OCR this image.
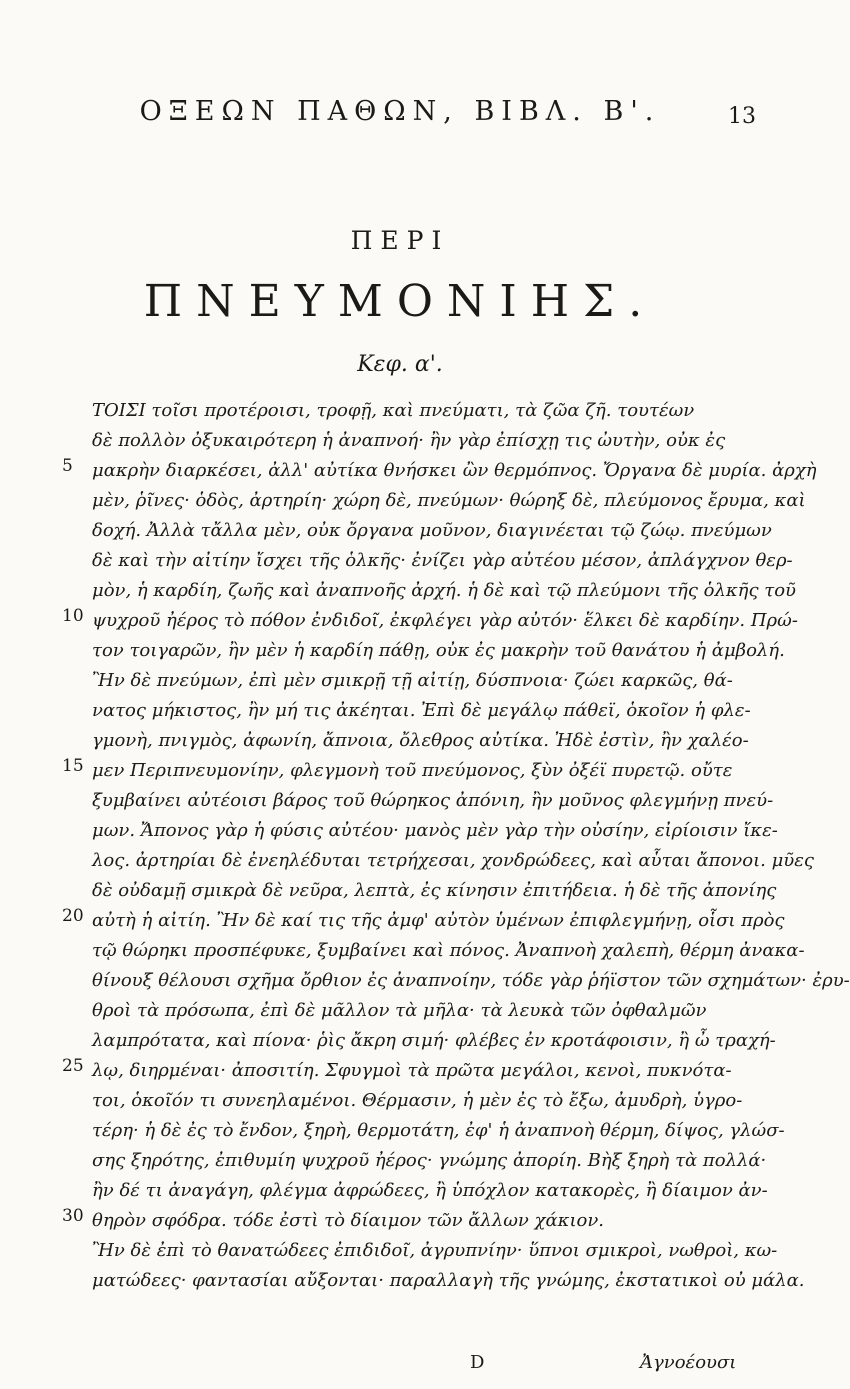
ΟΞΕΩΝ ΠΑΘΩΝ, ΒΙΒΛ. Β'.	13
ΠΕΡΙ
ΠΝΕΥΜΟΝΙΗΣ.
Κεφ. α'.
ΤΟΙΣΙ τοῖσι προτέροισι, τροφῇ, καὶ πνεύματι, τὰ ζῶα ζῆ. τουτέων
δὲ πολλὸν ὀξυκαιρότερη ἡ ἀναπνοή· ἢν γὰρ ἐπίσχῃ τις ὠυτὴν, οὐκ ἐς
μακρὴν διαρκέσει, ἀλλ' αὐτίκα θνήσκει ὢν θερμόπνος. Ὄργανα δὲ μυρία. ἀρχὴ
μὲν, ῥῖνες· ὁδὸς, ἀρτηρίη· χώρη δὲ, πνεύμων· θώρηξ δὲ, πλεύμονος ἔρυμα, καὶ
δοχή. Ἀλλὰ τἄλλα μὲν, οὐκ ὄργανα μοῦνον, διαγινέεται τῷ ζώῳ. πνεύμων
δὲ καὶ τὴν αἰτίην ἴσχει τῆς ὁλκῆς· ἐνίζει γὰρ αὐτέου μέσον, ἀπλάγχνον θερ-
μὸν, ἡ καρδίη, ζωῆς καὶ ἀναπνοῆς ἀρχή. ἡ δὲ καὶ τῷ πλεύμονι τῆς ὁλκῆς τοῦ
ψυχροῦ ἠέρος τὸ πόθον ἐνδιδοῖ, ἐκφλέγει γὰρ αὐτόν· ἕλκει δὲ καρδίην. Πρώ-
τον τοιγαρῶν, ἢν μὲν ἡ καρδίη πάθῃ, οὐκ ἐς μακρὴν τοῦ θανάτου ἡ ἀμβολή.
Ἢν δὲ πνεύμων, ἐπὶ μὲν σμικρῇ τῇ αἰτίῃ, δύσπνοια· ζώει καρκῶς, θά-
νατος μήκιστος, ἢν μή τις ἀκέηται. Ἐπὶ δὲ μεγάλῳ πάθεϊ, ὁκοῖον ἡ φλε-
γμονὴ, πνιγμὸς, ἀφωνίη, ἄπνοια, ὄλεθρος αὐτίκα. Ἠδὲ ἐστὶν, ἢν χαλέο-
μεν Περιπνευμονίην, φλεγμονὴ τοῦ πνεύμονος, ξὺν ὀξέϊ πυρετῷ. οὔτε
ξυμβαίνει αὐτέοισι βάρος τοῦ θώρηκος ἀπόνιη, ἢν μοῦνος φλεγμήνῃ πνεύ-
μων. Ἄπονος γὰρ ἡ φύσις αὐτέου· μανὸς μὲν γὰρ τὴν οὐσίην, εἰρίοισιν ἴκε-
λος. ἀρτηρίαι δὲ ἐνεηλέδυται τετρήχεσαι, χονδρώδεες, καὶ αὗται ἄπονοι. μῦες
δὲ οὐδαμῇ σμικρὰ δὲ νεῦρα, λεπτὰ, ἐς κίνησιν ἐπιτήδεια. ἡ δὲ τῆς ἀπονίης
αὐτὴ ἡ αἰτίη. Ἢν δὲ καί τις τῆς ἀμφ' αὐτὸν ὑμένων ἐπιφλεγμήνῃ, οἷσι πρὸς
τῷ θώρηκι προσπέφυκε, ξυμβαίνει καὶ πόνος. Ἀναπνοὴ χαλεπὴ, θέρμη ἀνακα-
θίνουξ θέλουσι σχῆμα ὄρθιον ἐς ἀναπνοίην, τόδε γὰρ ῥήϊστον τῶν σχημάτων· ἐρυ-
θροὶ τὰ πρόσωπα, ἐπὶ δὲ μᾶλλον τὰ μῆλα· τὰ λευκὰ τῶν ὀφθαλμῶν
λαμπρότατα, καὶ πίονα· ῥὶς ἄκρη σιμή· φλέβες ἐν κροτάφοισιν, ἢ ὦ τραχή-
λῳ, διηρμέναι· ἀποσιτίη. Σφυγμοὶ τὰ πρῶτα μεγάλοι, κενοὶ, πυκνότα-
τοι, ὁκοῖόν τι συνεηλαμένοι. Θέρμασιν, ἡ μὲν ἐς τὸ ἔξω, ἀμυδρὴ, ὑγρο-
τέρη· ἡ δὲ ἐς τὸ ἔνδον, ξηρὴ, θερμοτάτη, ἐφ' ἡ ἀναπνοὴ θέρμη, δίψος, γλώσ-
σης ξηρότης, ἐπιθυμίη ψυχροῦ ἠέρος· γνώμης ἀπορίη. Βὴξ ξηρὴ τὰ πολλά·
ἢν δέ τι ἀναγάγη, φλέγμα ἀφρώδεες, ἢ ὑπόχλον κατακορὲς, ἢ δίαιμον ἀν-
θηρὸν σφόδρα. τόδε ἐστὶ τὸ δίαιμον τῶν ἄλλων χάκιον.
Ἢν δὲ ἐπὶ τὸ θανατώδεες ἐπιδιδοῖ, ἀγρυπνίην· ὕπνοι σμικροὶ, νωθροὶ, κω-
ματώδεες· φαντασίαι αὔξονται· παραλλαγὴ τῆς γνώμης, ἐκστατικοὶ οὐ μάλα.
5
10
15
20
25
30
D	Ἀγνοέουσι
